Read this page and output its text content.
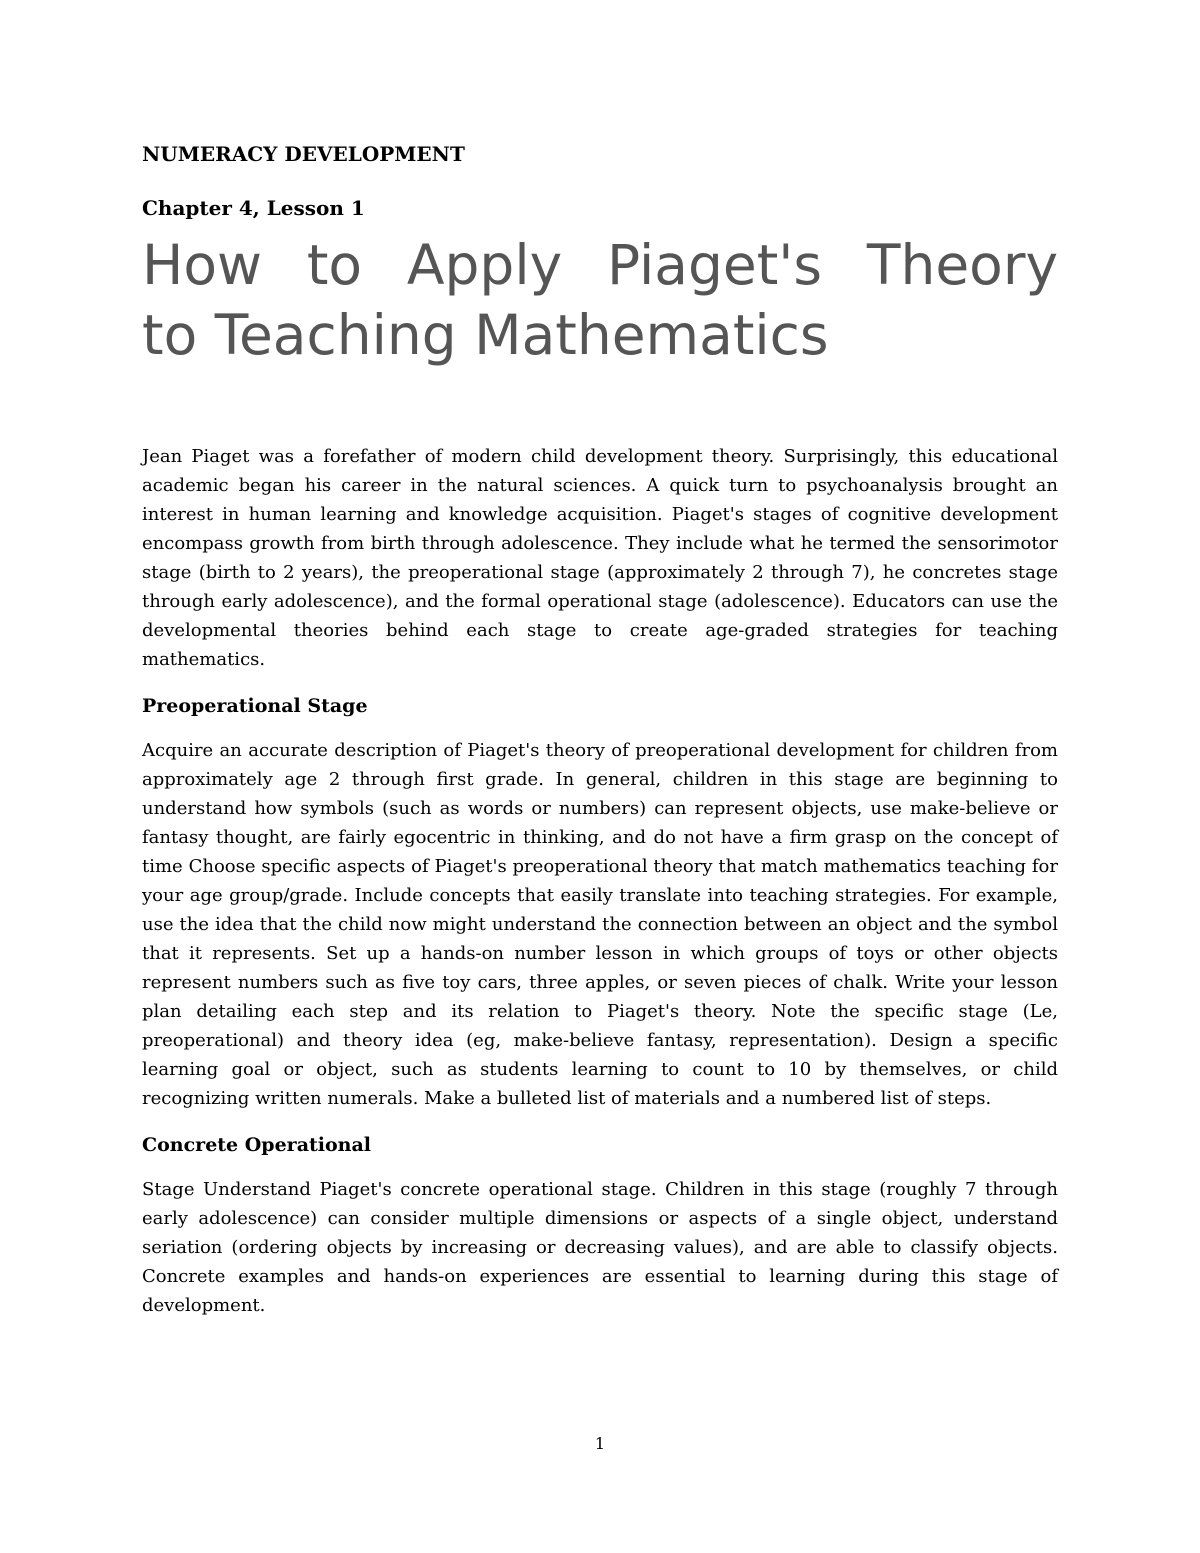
NUMERACY DEVELOPMENT

Chapter 4, Lesson 1

How to Apply Piaget's Theory
to Teaching Mathematics

Jean Piaget was a forefather of modern child development theory. Surprisingly, this educational academic began his career in the natural sciences. A quick turn to psychoanalysis brought an interest in human learning and knowledge acquisition. Piaget's stages of cognitive development encompass growth from birth through adolescence. They include what he termed the sensorimotor stage (birth to 2 years), the preoperational stage (approximately 2 through 7), he concretes stage through early adolescence), and the formal operational stage (adolescence). Educators can use the developmental theories behind each stage to create age-graded strategies for teaching mathematics.

Preoperational Stage

Acquire an accurate description of Piaget's theory of preoperational development for children from approximately age 2 through first grade. In general, children in this stage are beginning to understand how symbols (such as words or numbers) can represent objects, use make-believe or fantasy thought, are fairly egocentric in thinking, and do not have a firm grasp on the concept of time Choose specific aspects of Piaget's preoperational theory that match mathematics teaching for your age group/grade. Include concepts that easily translate into teaching strategies. For example, use the idea that the child now might understand the connection between an object and the symbol that it represents. Set up a hands-on number lesson in which groups of toys or other objects represent numbers such as five toy cars, three apples, or seven pieces of chalk. Write your lesson plan detailing each step and its relation to Piaget's theory. Note the specific stage (Le, preoperational) and theory idea (eg, make-believe fantasy, representation). Design a specific learning goal or object, such as students learning to count to 10 by themselves, or child recognizing written numerals. Make a bulleted list of materials and a numbered list of steps.

Concrete Operational

Stage Understand Piaget's concrete operational stage. Children in this stage (roughly 7 through early adolescence) can consider multiple dimensions or aspects of a single object, understand seriation (ordering objects by increasing or decreasing values), and are able to classify objects. Concrete examples and hands-on experiences are essential to learning during this stage of development.

1
